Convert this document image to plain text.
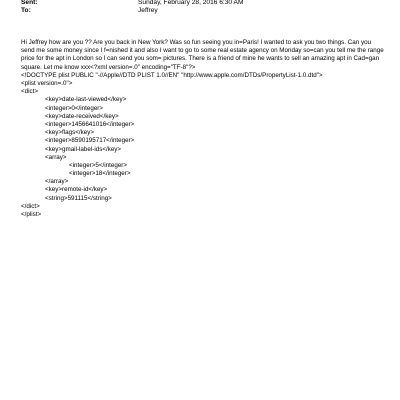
Sent:	Sunday, February 28, 2016 6:30 AM
To:	Jeffrey

Hi Jeffrey how are you ?? Are you back in New York? Was so fun seeing you in=Paris! I wanted to ask you two things. Can you send me some money since I f=nished it and also I want to go to some real estate agency on Monday so=can you tell me the range price for the apt in London so I can send you som= pictures. There is a friend of mine he wants to sell an amazing apt in Cad=gan square. Let me know xxx<?xml version=.0" encoding="TF-8"?>

<!DOCTYPE plist PUBLIC "-//Apple//DTD PLIST 1.0//EN" "http://www.apple.com/DTDs/PropertyList-1.0.dtd">
<plist version=.0">
<dict>
<key>date-last-viewed</key>
<integer>0</integer>
<key>date-received</key>
<integer>1456641016</integer>
<key>flags</key>
<integer>8590195717</integer>
<key>gmail-label-ids</key>
<array>
<integer>5</integer>
<integer>18</integer>
</array>
<key>remote-id</key>
<string>591115</string>
</dict>
</plist>
